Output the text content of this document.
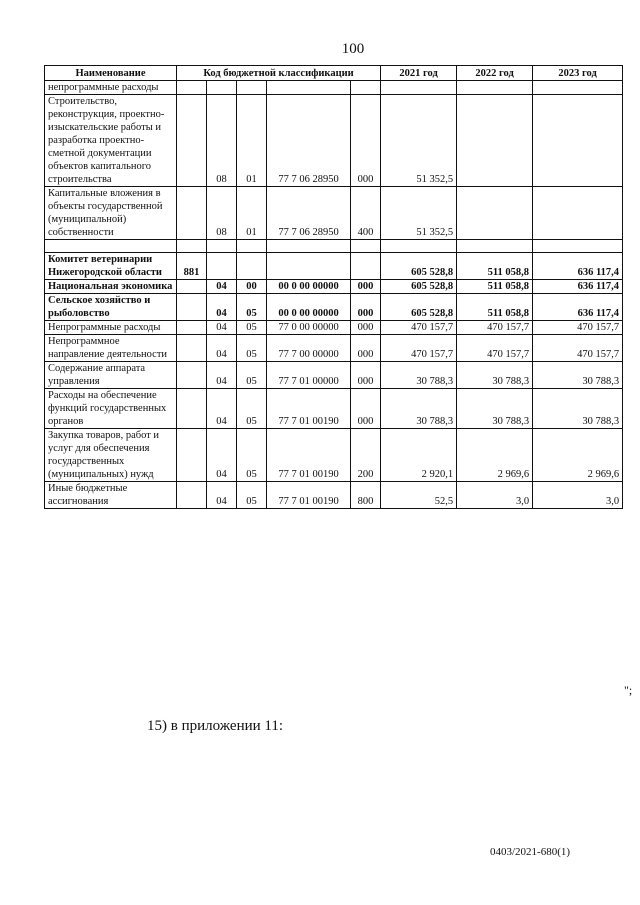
100
Наименование	Код бюджетной классификации					2021 год	2022 год	2023 год
непрограммные расходы								
Строительство, реконструкция, проектно-изыскательские работы и разработка проектно-сметной документации объектов капитального строительства		08	01	77 7 06 28950	000	51 352,5		
Капитальные вложения в объекты государственной (муниципальной) собственности		08	01	77 7 06 28950	400	51 352,5		

Комитет ветеринарии Нижегородской области	881					605 528,8	511 058,8	636 117,4
Национальная экономика		04	00	00 0 00 00000	000	605 528,8	511 058,8	636 117,4
Сельское хозяйство и рыболовство		04	05	00 0 00 00000	000	605 528,8	511 058,8	636 117,4
Непрограммные расходы		04	05	77 0 00 00000	000	470 157,7	470 157,7	470 157,7
Непрограммное направление деятельности		04	05	77 7 00 00000	000	470 157,7	470 157,7	470 157,7
Содержание аппарата управления		04	05	77 7 01 00000	000	30 788,3	30 788,3	30 788,3
Расходы на обеспечение функций государственных органов		04	05	77 7 01 00190	000	30 788,3	30 788,3	30 788,3
Закупка товаров, работ и услуг для обеспечения государственных (муниципальных) нужд		04	05	77 7 01 00190	200	2 920,1	2 969,6	2 969,6
Иные бюджетные ассигнования		04	05	77 7 01 00190	800	52,5	3,0	3,0
";
15) в приложении 11:
0403/2021-680(1)
